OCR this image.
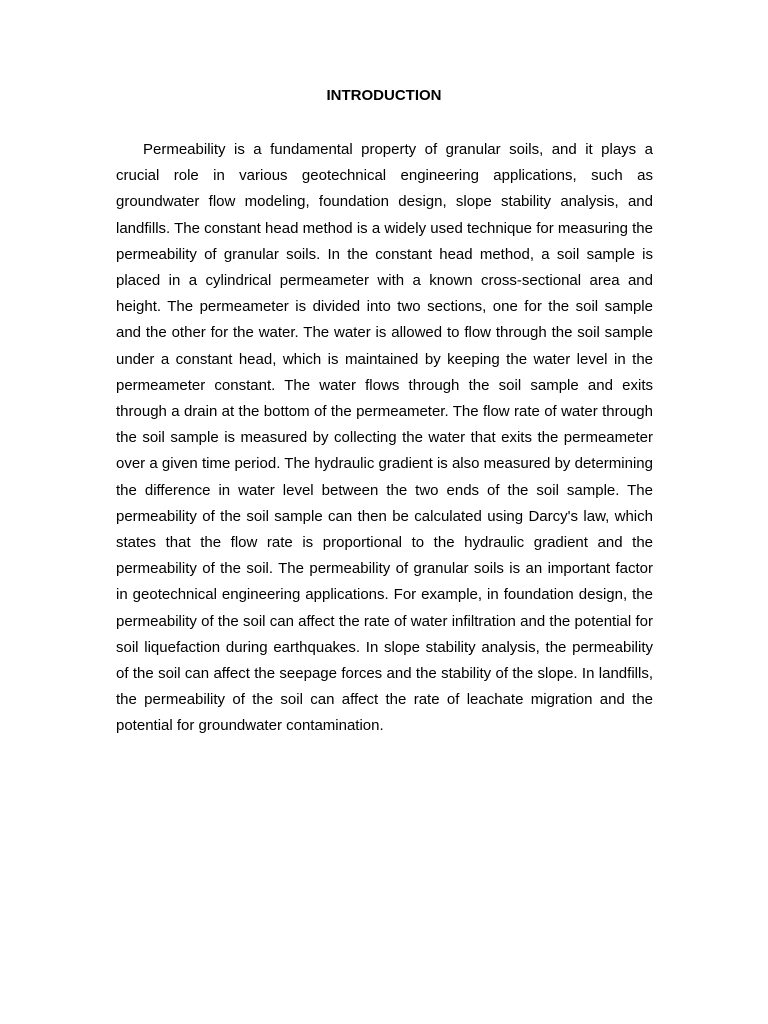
INTRODUCTION

Permeability is a fundamental property of granular soils, and it plays a crucial role in various geotechnical engineering applications, such as groundwater flow modeling, foundation design, slope stability analysis, and landfills. The constant head method is a widely used technique for measuring the permeability of granular soils. In the constant head method, a soil sample is placed in a cylindrical permeameter with a known cross-sectional area and height. The permeameter is divided into two sections, one for the soil sample and the other for the water. The water is allowed to flow through the soil sample under a constant head, which is maintained by keeping the water level in the permeameter constant. The water flows through the soil sample and exits through a drain at the bottom of the permeameter. The flow rate of water through the soil sample is measured by collecting the water that exits the permeameter over a given time period. The hydraulic gradient is also measured by determining the difference in water level between the two ends of the soil sample. The permeability of the soil sample can then be calculated using Darcy's law, which states that the flow rate is proportional to the hydraulic gradient and the permeability of the soil. The permeability of granular soils is an important factor in geotechnical engineering applications. For example, in foundation design, the permeability of the soil can affect the rate of water infiltration and the potential for soil liquefaction during earthquakes. In slope stability analysis, the permeability of the soil can affect the seepage forces and the stability of the slope. In landfills, the permeability of the soil can affect the rate of leachate migration and the potential for groundwater contamination.
